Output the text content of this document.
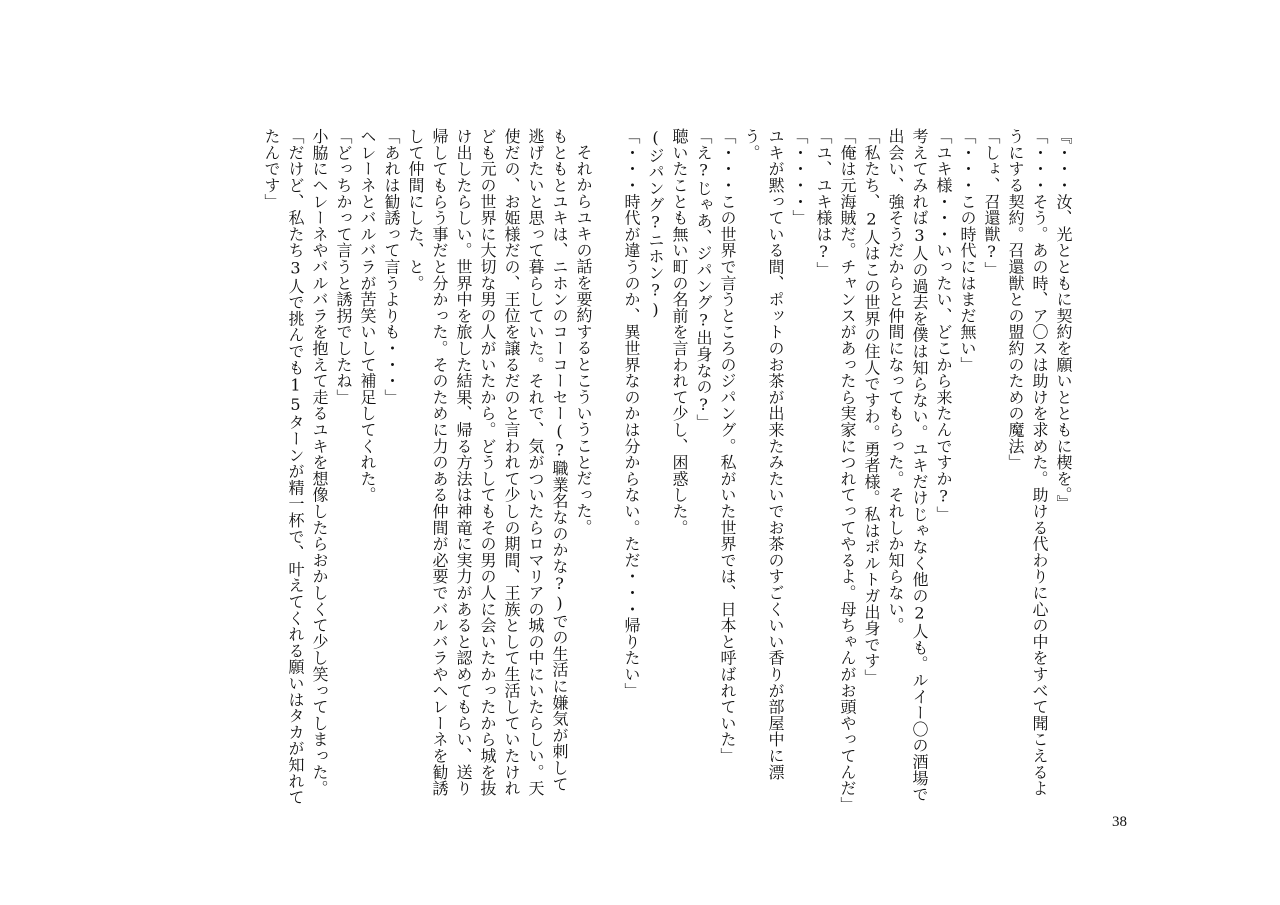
『・・・汝、光とともに契約を願いとともに楔を。』

「・・・そう。あの時、ア〇スは助けを求めた。助ける代わりに心の中をすべて聞こえるようにする契約。召還獣との盟約のための魔法」

「しょ、召還獣?」

「・・・この時代にはまだ無い」

「ユキ様・・・いったい、どこから来たんですか?」

考えてみれば3人の過去を僕は知らない。ユキだけじゃなく他の2人も。ルイー〇の酒場で出会い、強そうだからと仲間になってもらった。それしか知らない。

「私たち、2人はこの世界の住人ですわ。勇者様。私はポルトガ出身です」

「俺は元海賊だ。チャンスがあったら実家につれてってやるよ。母ちゃんがお頭やってんだ」

「ユ、ユキ様は?」

「・・・・」

ユキが黙っている間、ポットのお茶が出来たみたいでお茶のすごくいい香りが部屋中に漂う。

「・・・この世界で言うところのジパング。私がいた世界では、日本と呼ばれていた」

「え?じゃあ、ジパング?出身なの?」

聴いたことも無い町の名前を言われて少し、困惑した。

(ジパング?ニホン?)

「・・・時代が違うのか、異世界なのかは分からない。ただ・・・帰りたい」

それからユキの話を要約するとこういうことだった。

もともとユキは、ニホンのコーコーセー(?職業名なのかな?)での生活に嫌気が刺して逃げたいと思って暮らしていた。それで、気がついたらロマリアの城の中にいたらしい。天使だの、お姫様だの、王位を譲るだのと言われて少しの期間、王族として生活していたけれども元の世界に大切な男の人がいたから。どうしてもその男の人に会いたかったから城を抜け出したらしい。世界中を旅した結果、帰る方法は神竜に実力があると認めてもらい、送り帰してもらう事だと分かった。そのために力のある仲間が必要でバルバラやヘレーネを勧誘して仲間にした、と。

「あれは勧誘って言うよりも・・・」

ヘレーネとバルバラが苦笑いして補足してくれた。

「どっちかって言うと誘拐でしたね」

小脇にヘレーネやバルバラを抱えて走るユキを想像したらおかしくて少し笑ってしまった。

「だけど、私たち3人で挑んでも15ターンが精一杯で、叶えてくれる願いはタカが知れてたんです」

38
